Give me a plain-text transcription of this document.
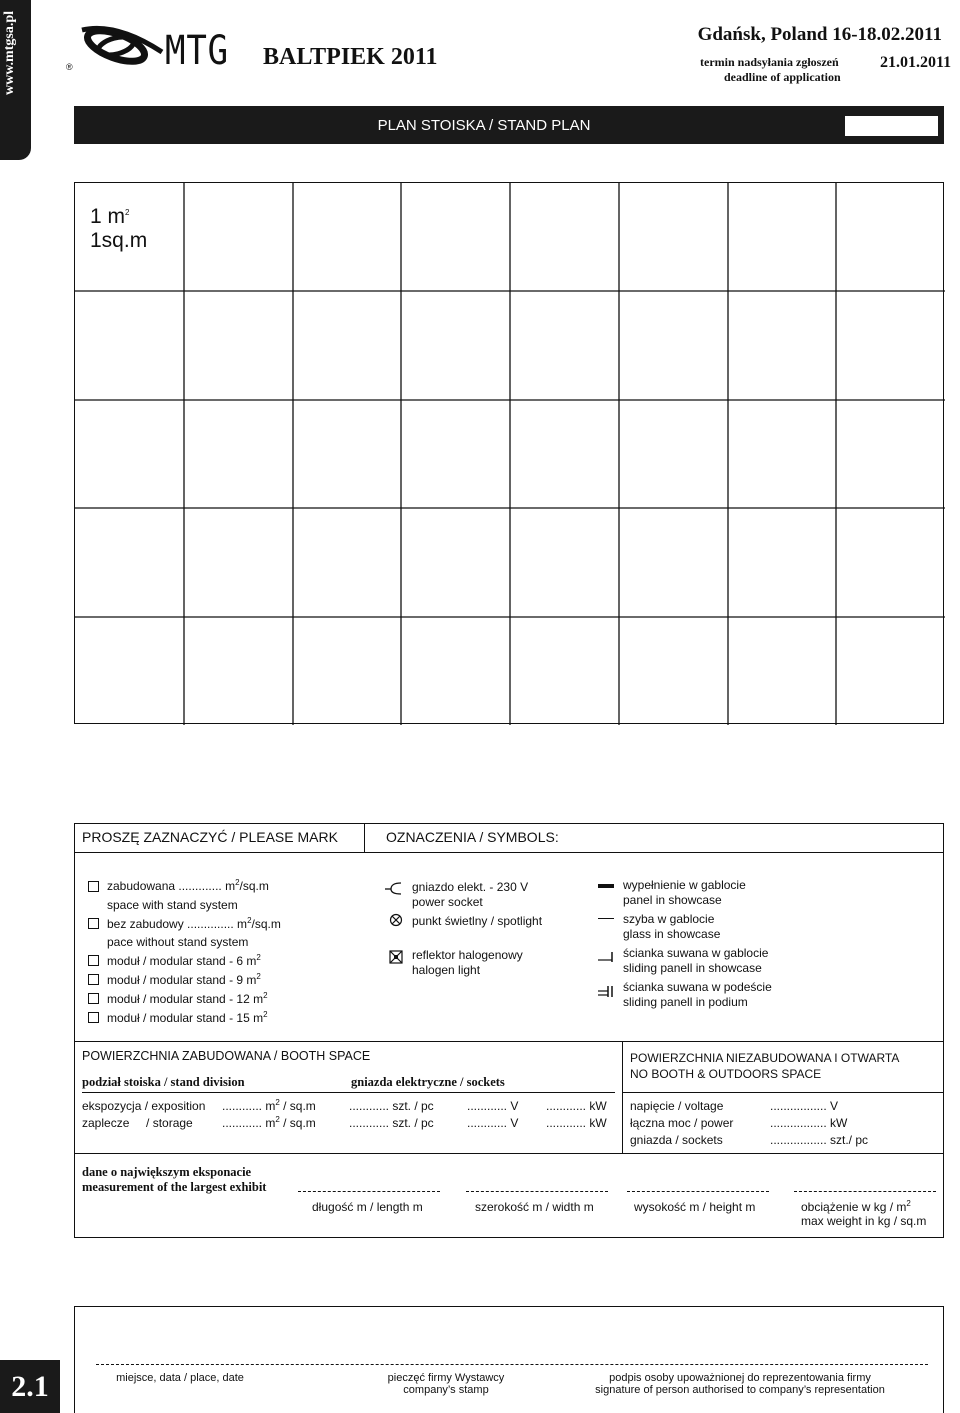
www.mtgsa.pl	® MTG BALTPIEK 2011
Gdańsk, Poland 16-18.02.2011
termin nadsyłania zgłoszeń
deadline of application
21.01.2011
PLAN STOISKA / STAND PLAN
1 $m^2$
1sq.m
PROSZĘ ZAZNACZYĆ / PLEASE MARK	OZNACZENIA / SYMBOLS:
zabudowana ............. $m^2/sq.m$
space with stand system
bez zabudowy .............. $m^2/sq.m$
pace without stand system
moduł / modular stand - 6 $m^2$
moduł / modular stand - 9 $m^2$
moduł / modular stand - 12 $m^2$
moduł / modular stand - 15 $m^2$
gniazdo elekt. - 230 V
power socket
punkt świetlny / spotlight
reflektor halogenowy
halogen light
wypełnienie w gablocie
panel in showcase
szyba w gablocie
glass in showcase
ścianka suwana w gablocie
sliding panell in showcase
ścianka suwana w podeście
sliding panell in podium
POWIERZCHNIA ZABUDOWANA / BOOTH SPACE
podział stoiska / stand division	gniazda elektryczne / sockets
ekspozycja / exposition ............ $m^2 / sq.m$	............ szt. / pc	............ V ............ kW
zaplecze     / storage ............ $m^2 / sq.m$	............ szt. / pc	............ V ............ kW
POWIERZCHNIA NIEZABUDOWANA I OTWARTA
NO BOOTH & OUTDOORS SPACE
napięcie / voltage	................. V
łączna moc / power	................. kW
gniazda / sockets	................. szt./ pc
dane o największym eksponacie
measurement of the largest exhibit
długość m / length m	szerokość m / width m	wysokość m / height m	obciążenie w kg / $m^2$
max weight in kg / sq.m
miejsce, data / place, date	pieczęć firmy Wystawcy
company’s stamp
podpis osoby upoważnionej do reprezentowania firmy
signature of person authorised to company’s representation
2.1
